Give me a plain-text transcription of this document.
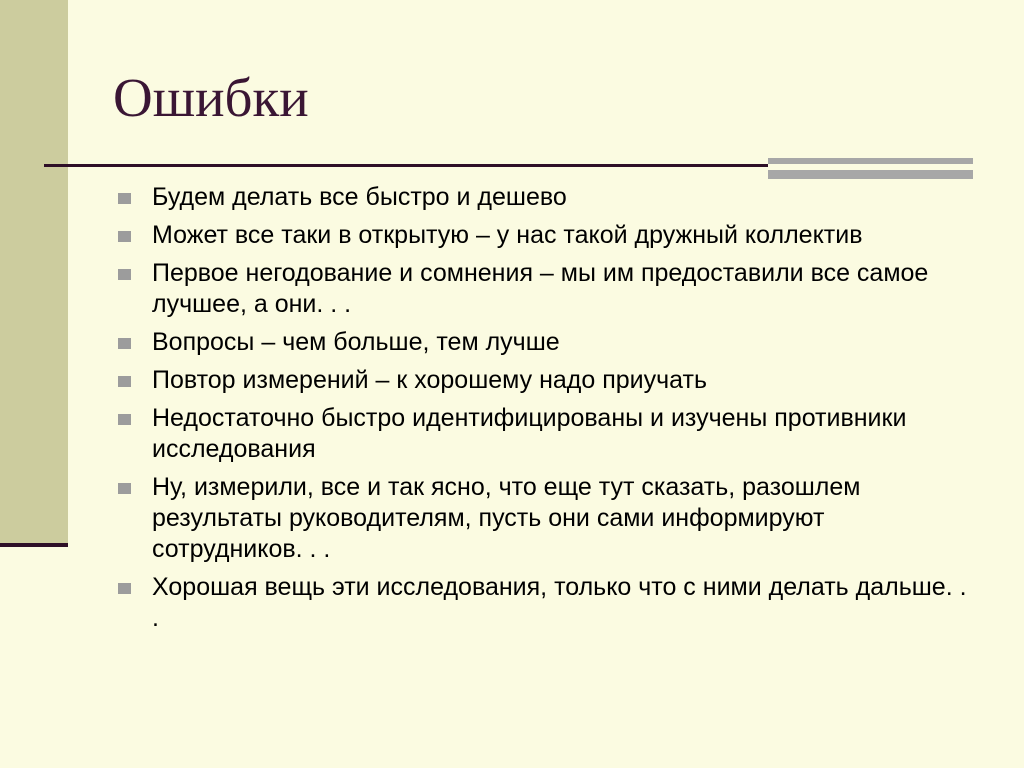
Ошибки
Будем делать все быстро и дешево
Может все таки в открытую – у нас такой дружный коллектив
Первое негодование и сомнения – мы им предоставили все самое лучшее, а они. . .
Вопросы – чем больше, тем лучше
Повтор измерений – к хорошему надо приучать
Недостаточно быстро идентифицированы и изучены противники исследования
Ну, измерили, все и так ясно, что еще тут сказать, разошлем результаты руководителям, пусть они сами информируют сотрудников. . .
Хорошая вещь эти исследования, только что с ними делать дальше. . .
